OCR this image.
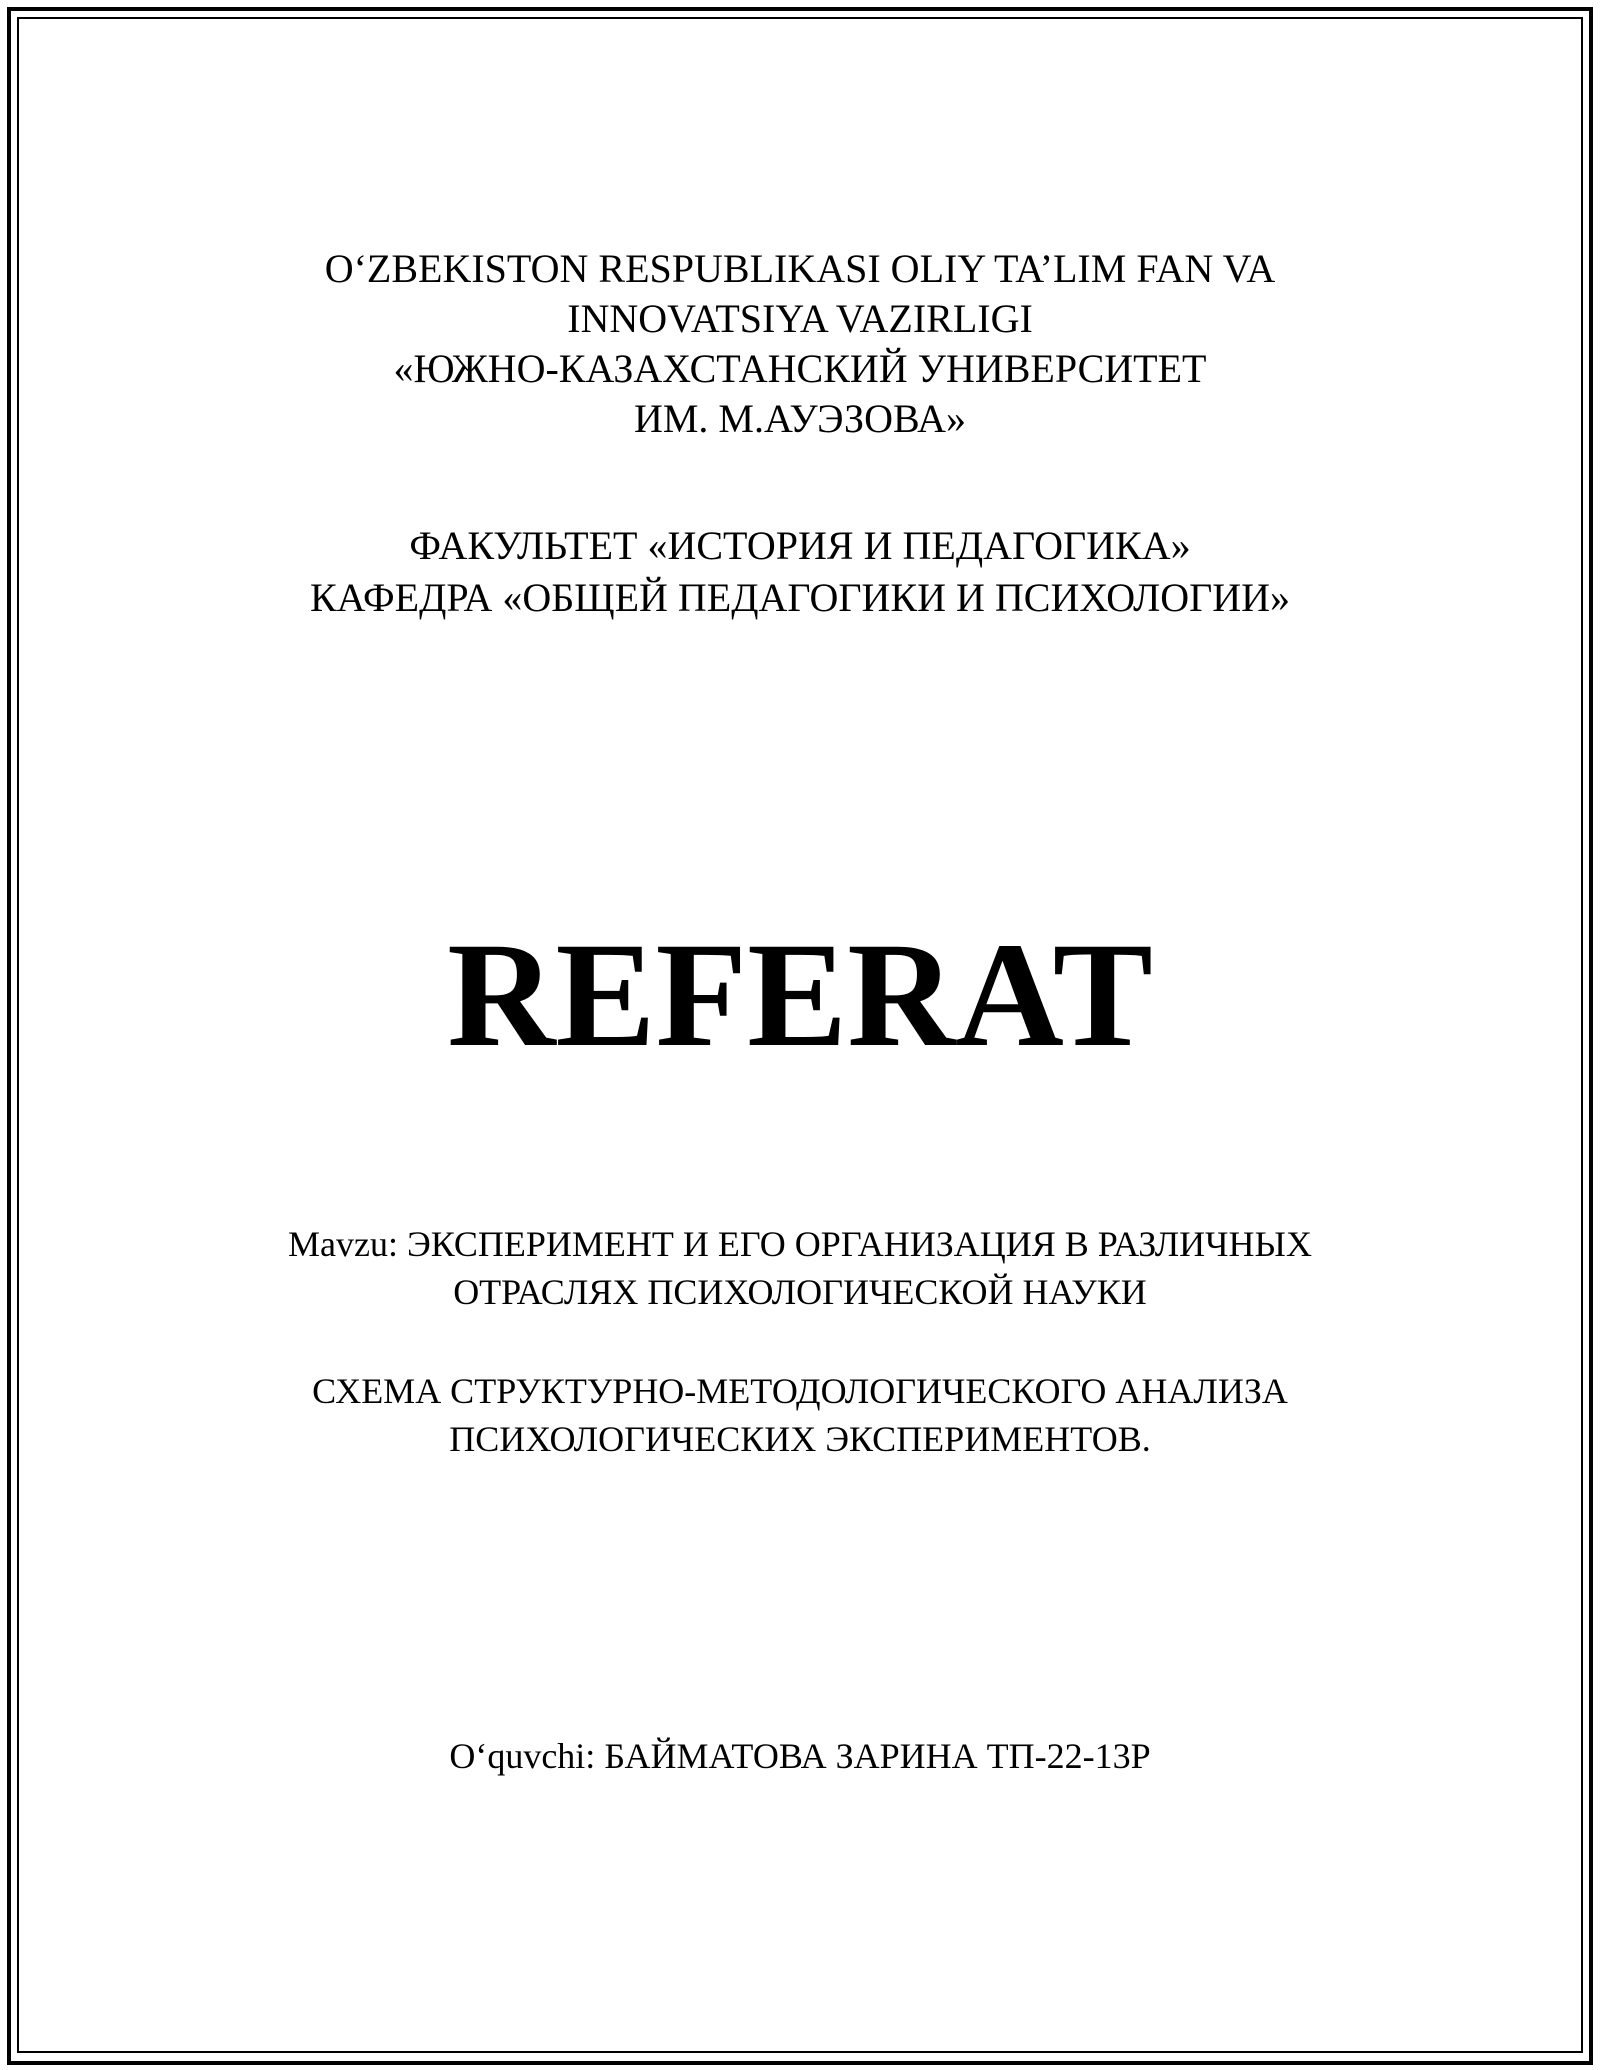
O‘ZBEKISTON RESPUBLIKASI OLIY TA’LIM FAN VA
INNOVATSIYA VAZIRLIGI
«ЮЖНО-КАЗАХСТАНСКИЙ УНИВЕРСИТЕТ
ИМ. М.АУЭЗОВА»
ФАКУЛЬТЕТ «ИСТОРИЯ И ПЕДАГОГИКА»
КАФЕДРА «ОБЩЕЙ ПЕДАГОГИКИ И ПСИХОЛОГИИ»
REFERAT
Mavzu: ЭКСПЕРИМЕНТ И ЕГО ОРГАНИЗАЦИЯ В РАЗЛИЧНЫХ
ОТРАСЛЯХ ПСИХОЛОГИЧЕСКОЙ НАУКИ
СХЕМА СТРУКТУРНО-МЕТОДОЛОГИЧЕСКОГО АНАЛИЗА
ПСИХОЛОГИЧЕСКИХ ЭКСПЕРИМЕНТОВ.
O‘quvchi: БАЙМАТОВА ЗАРИНА ТП-22-13Р
